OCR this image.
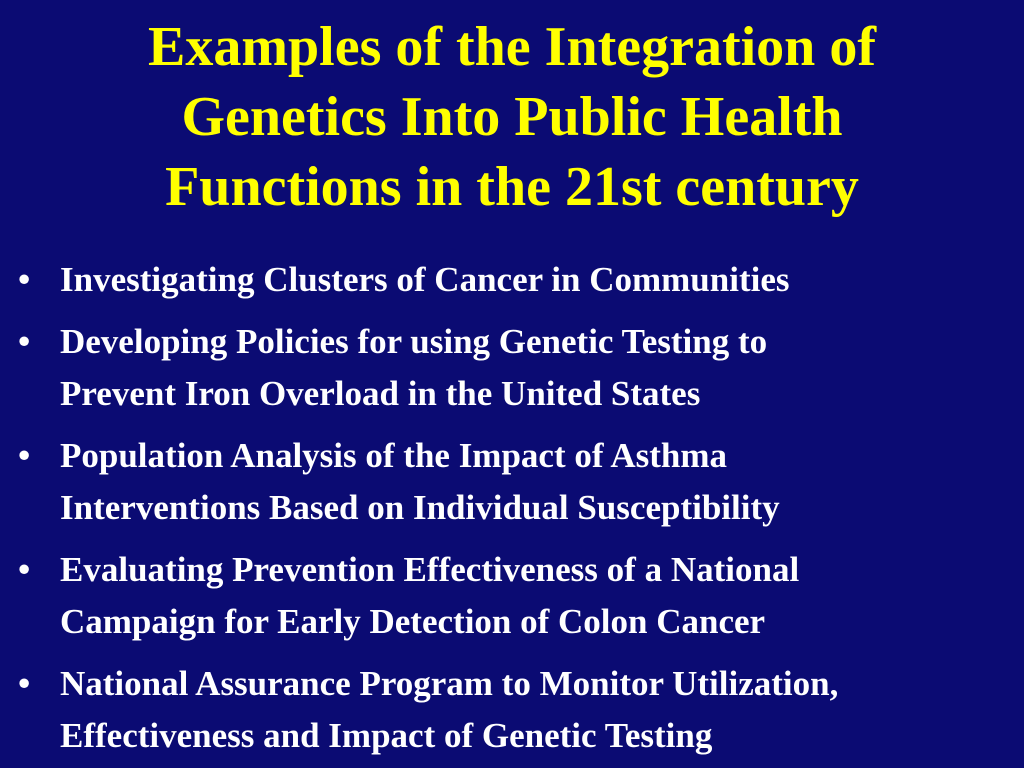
Examples of the Integration of
Genetics Into Public Health
Functions in the 21st century
• Investigating Clusters of Cancer in Communities
• Developing Policies for using Genetic Testing to
Prevent Iron Overload in the United States
• Population Analysis of the Impact of Asthma
Interventions Based on Individual Susceptibility
• Evaluating Prevention Effectiveness of a National
Campaign for Early Detection of Colon Cancer
• National Assurance Program to Monitor Utilization,
Effectiveness and Impact of Genetic Testing
